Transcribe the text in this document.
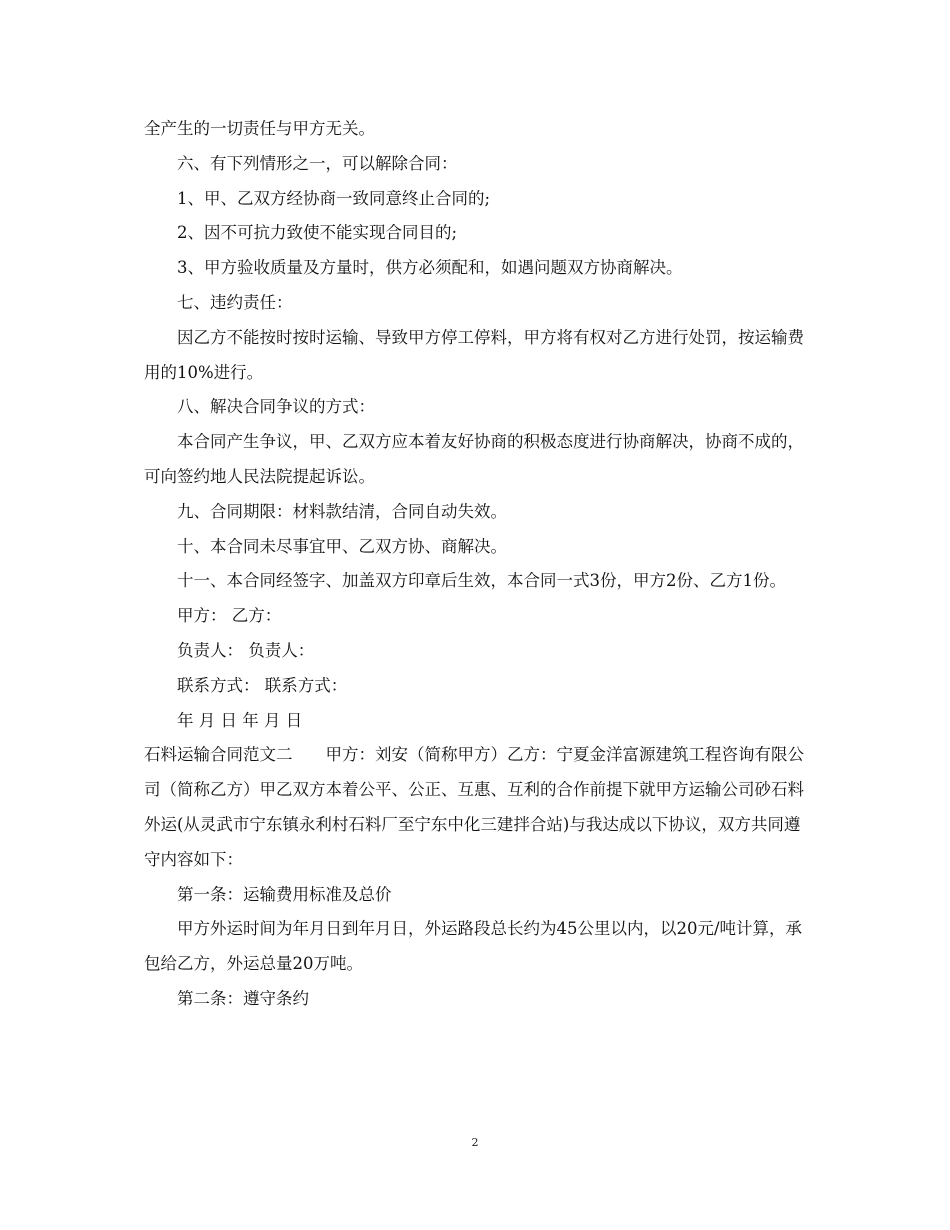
全产生的一切责任与甲方无关。

六、有下列情形之一，可以解除合同：

1、甲、乙双方经协商一致同意终止合同的;

2、因不可抗力致使不能实现合同目的;

3、甲方验收质量及方量时，供方必须配和，如遇问题双方协商解决。

七、违约责任：

因乙方不能按时按时运输、导致甲方停工停料，甲方将有权对乙方进行处罚，按运输费用的10%进行。

八、解决合同争议的方式：

本合同产生争议，甲、乙双方应本着友好协商的积极态度进行协商解决，协商不成的，可向签约地人民法院提起诉讼。

九、合同期限：材料款结清，合同自动失效。

十、本合同未尽事宜甲、乙双方协、商解决。

十一、本合同经签字、加盖双方印章后生效，本合同一式3份，甲方2份、乙方1份。

甲方： 乙方：

负责人： 负责人：

联系方式： 联系方式：

年 月 日 年 月 日

石料运输合同范文二　　甲方：刘安（简称甲方）乙方：宁夏金洋富源建筑工程咨询有限公司（简称乙方）甲乙双方本着公平、公正、互惠、互利的合作前提下就甲方运输公司砂石料外运(从灵武市宁东镇永利村石料厂至宁东中化三建拌合站)与我达成以下协议，双方共同遵守内容如下：

第一条：运输费用标准及总价

甲方外运时间为年月日到年月日，外运路段总长约为45公里以内，以20元/吨计算，承包给乙方，外运总量20万吨。

第二条：遵守条约

2
